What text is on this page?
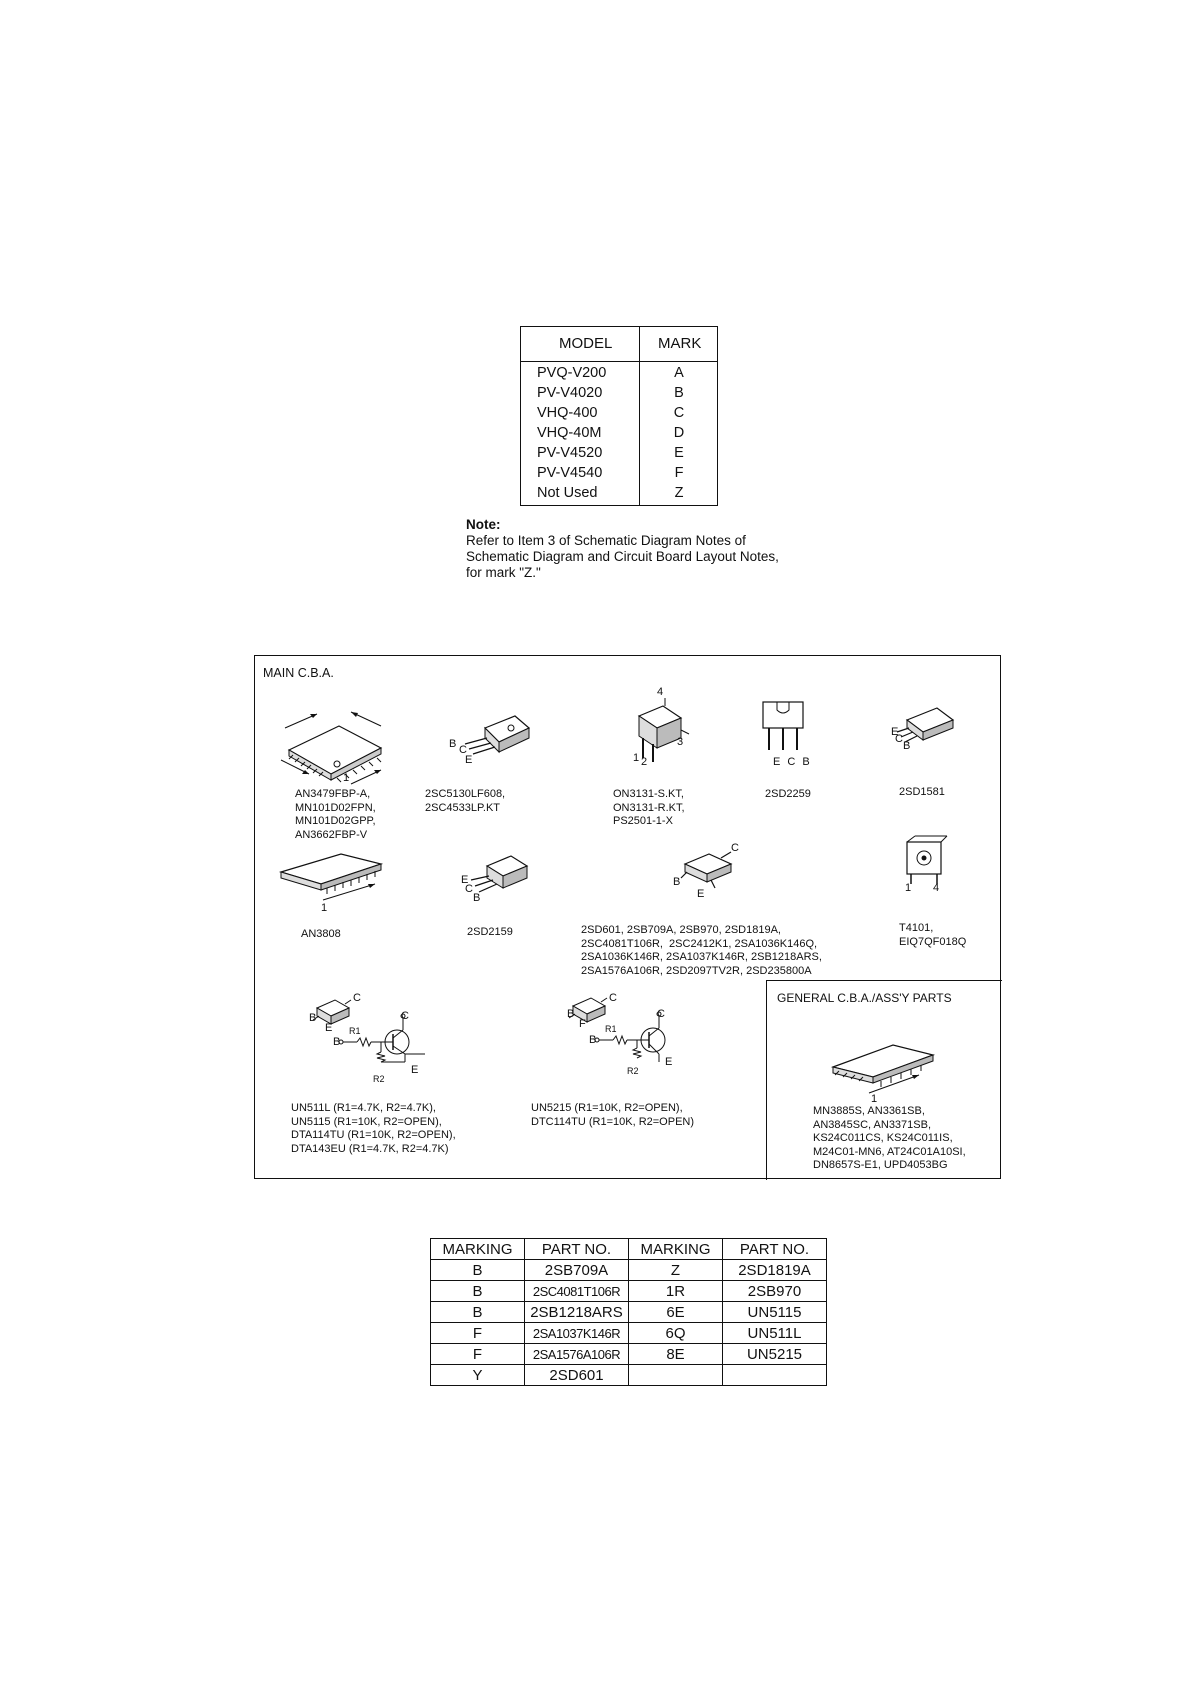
MODEL	MARK
PVQ-V200	A
PV-V4020	B
VHQ-400	C
VHQ-40M	D
PV-V4520	E
PV-V4540	F
Not Used	Z
Note:
Refer to Item 3 of Schematic Diagram Notes of
Schematic Diagram and Circuit Board Layout Notes,
for mark "Z."
MAIN C.B.A.
1
AN3479FBP-A,
MN101D02FPN,
MN101D02GPP,
AN3662FBP-V
B C
E
2SC5130LF608,
2SC4533LP.KT
4
3
1 2
ON3131-S.KT,
ON3131-R.KT,
PS2501-1-X
E C B
2SD2259
E
C
B
2SD1581
1
AN3808
E
C
B
2SD2159
C
B
E
2SD601, 2SB709A, 2SB970, 2SD1819A,
2SC4081T106R,  2SC2412K1, 2SA1036K146Q,
2SA1036K146R, 2SA1037K146R, 2SB1218ARS,
2SA1576A106R, 2SD2097TV2R, 2SD235800A
1 4
T4101,
EIQ7QF018Q
C
B
E
C
B
R1
R2
E
UN511L (R1=4.7K, R2=4.7K),
UN5115 (R1=10K, R2=OPEN),
DTA114TU (R1=10K, R2=OPEN),
DTA143EU (R1=4.7K, R2=4.7K)
B
F
C
C
B
R1
R2
E
UN5215 (R1=10K, R2=OPEN),
DTC114TU (R1=10K, R2=OPEN)
GENERAL C.B.A./ASS'Y PARTS
1
MN3885S, AN3361SB,
AN3845SC, AN3371SB,
KS24C011CS, KS24C011IS,
M24C01-MN6, AT24C01A10SI,
DN8657S-E1, UPD4053BG
MARKING	PART NO.	MARKING	PART NO.
B	2SB709A	Z	2SD1819A
B	2SC4081T106R	1R	2SB970
B	2SB1218ARS	6E	UN5115
F	2SA1037K146R	6Q	UN511L
F	2SA1576A106R	8E	UN5215
Y	2SD601		
